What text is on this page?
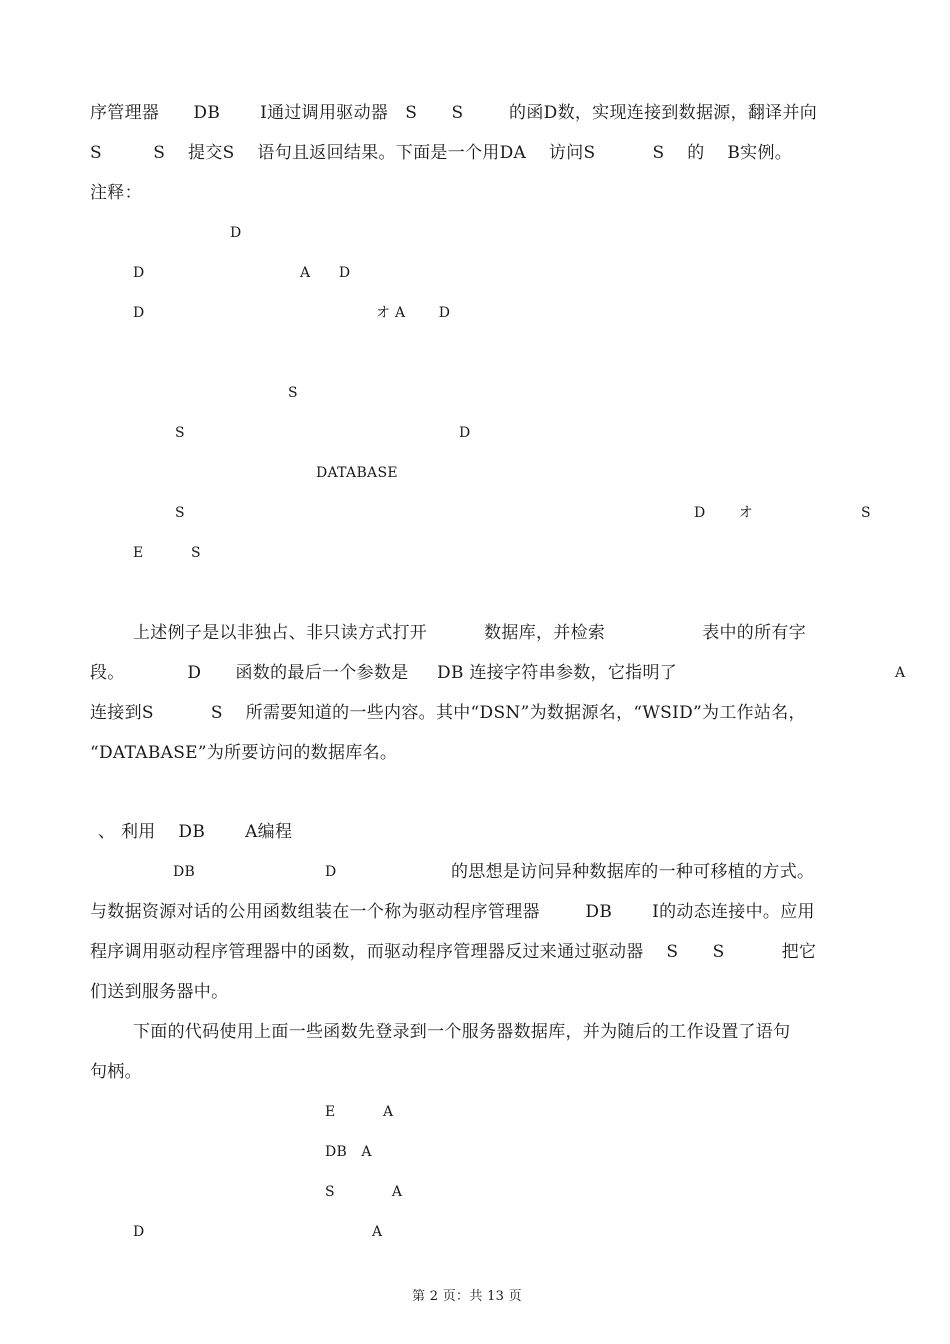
序管理器      DB       I通过调用驱动器   S      S        的函D数，实现连接到数据源，翻译并向
S         S    提交S    语句且返回结果。下面是一个用DA    访问S          S    的    B实例。
注释：
D
D	A      D
D	オ A       D
S
S	D
DATABASE
S	D       オ	S
E          S
上述例子是以非独占、非只读方式打开          数据库，并检索                 表中的所有字
段。           D      函数的最后一个参数是     DB 连接字符串参数，它指明了	A
连接到S          S    所需要知道的一些内容。其中“DSN”为数据源名，“WSID”为工作站名，
“DATABASE”为所要访问的数据库名。
、 利用    DB       A编程
DB	D	的思想是访问异种数据库的一种可移植的方式。
与数据资源对话的公用函数组装在一个称为驱动程序管理器        DB       I的动态连接中。应用
程序调用驱动程序管理器中的函数，而驱动程序管理器反过来通过驱动器    S      S          把它
们送到服务器中。
下面的代码使用上面一些函数先登录到一个服务器数据库，并为随后的工作设置了语句
句柄。
E          A
DB   A
S            A
D	A
第 2 页：共 13 页
